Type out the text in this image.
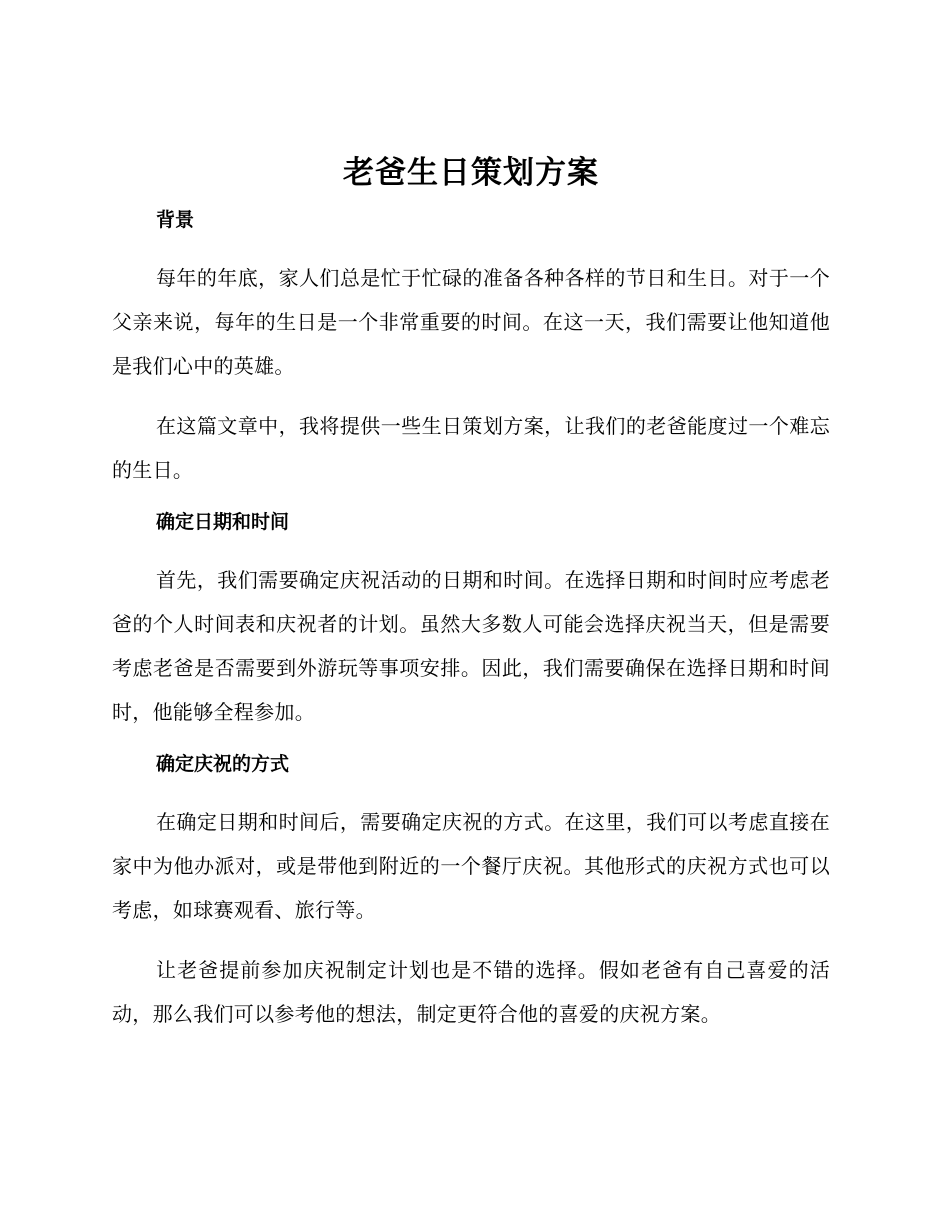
老爸生日策划方案
背景

每年的年底，家人们总是忙于忙碌的准备各种各样的节日和生日。对于一个父亲来说，每年的生日是一个非常重要的时间。在这一天，我们需要让他知道他是我们心中的英雄。

在这篇文章中，我将提供一些生日策划方案，让我们的老爸能度过一个难忘的生日。

确定日期和时间

首先，我们需要确定庆祝活动的日期和时间。在选择日期和时间时应考虑老爸的个人时间表和庆祝者的计划。虽然大多数人可能会选择庆祝当天，但是需要考虑老爸是否需要到外游玩等事项安排。因此，我们需要确保在选择日期和时间时，他能够全程参加。

确定庆祝的方式

在确定日期和时间后，需要确定庆祝的方式。在这里，我们可以考虑直接在家中为他办派对，或是带他到附近的一个餐厅庆祝。其他形式的庆祝方式也可以考虑，如球赛观看、旅行等。

让老爸提前参加庆祝制定计划也是不错的选择。假如老爸有自己喜爱的活动，那么我们可以参考他的想法，制定更符合他的喜爱的庆祝方案。
